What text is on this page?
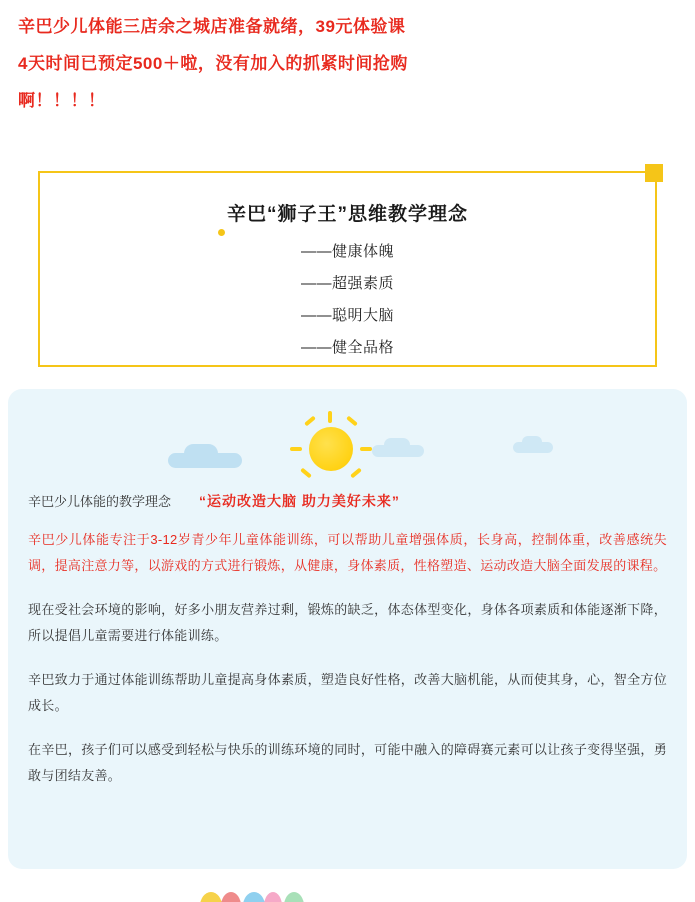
辛巴少儿体能三店余之城店准备就绪，39元体验课

4天时间已预定500＋啦，没有加入的抓紧时间抢购

啊！！！！

辛巴“狮子王”思维教学理念
——健康体魄
——超强素质
——聪明大脑
——健全品格
辛巴少儿体能的教学理念 “运动改造大脑 助力美好未来”

辛巴少儿体能专注于3-12岁青少年儿童体能训练，可以帮助儿童增强体质，长身高，控制体重，改善感统失调，提高注意力等，以游戏的方式进行锻炼，从健康，身体素质，性格塑造、运动改造大脑全面发展的课程。

现在受社会环境的影响，好多小朋友营养过剩，锻炼的缺乏，体态体型变化，身体各项素质和体能逐渐下降，所以提倡儿童需要进行体能训练。

辛巴致力于通过体能训练帮助儿童提高身体素质，塑造良好性格，改善大脑机能，从而使其身，心，智全方位成长。

在辛巴，孩子们可以感受到轻松与快乐的训练环境的同时，可能中融入的障碍赛元素可以让孩子变得坚强，勇敢与团结友善。
